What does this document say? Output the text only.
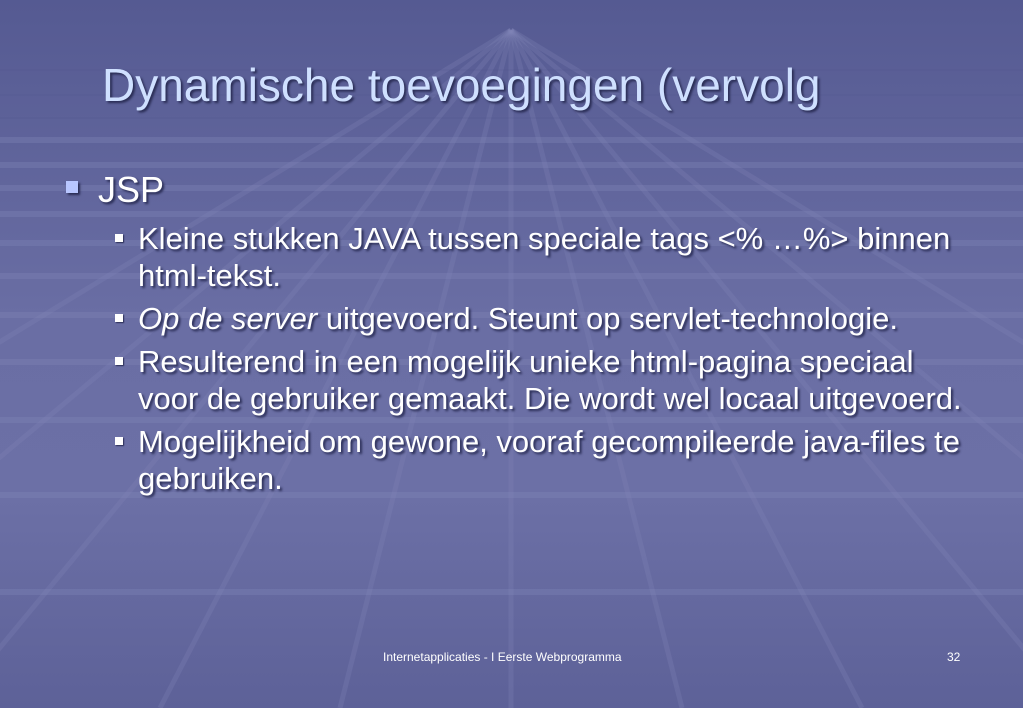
Dynamische toevoegingen (vervolg
JSP
Kleine stukken JAVA tussen speciale tags <% …%> binnen html-tekst.
Op de server uitgevoerd. Steunt op servlet-technologie.
Resulterend in een mogelijk unieke html-pagina speciaal voor de gebruiker gemaakt. Die wordt wel locaal uitgevoerd.
Mogelijkheid om gewone, vooraf gecompileerde java-files te gebruiken.
Internetapplicaties - I Eerste Webprogramma	32
